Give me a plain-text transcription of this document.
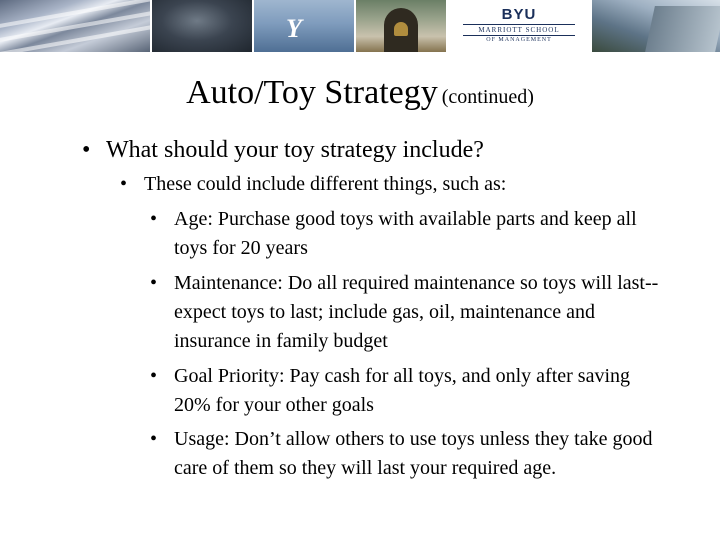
Y	BYU
MARRIOTT SCHOOL
OF MANAGEMENT
Auto/Toy Strategy (continued)
• What should your toy strategy include?
• These could include different things, such as:
• Age: Purchase good toys with available parts and keep all toys for 20 years
• Maintenance: Do all required maintenance so toys will last--expect toys to last; include gas, oil, maintenance and insurance in family budget
• Goal Priority: Pay cash for all toys, and only after saving 20% for your other goals
• Usage: Don’t allow others to use toys unless they take good care of them so they will last your required age.
